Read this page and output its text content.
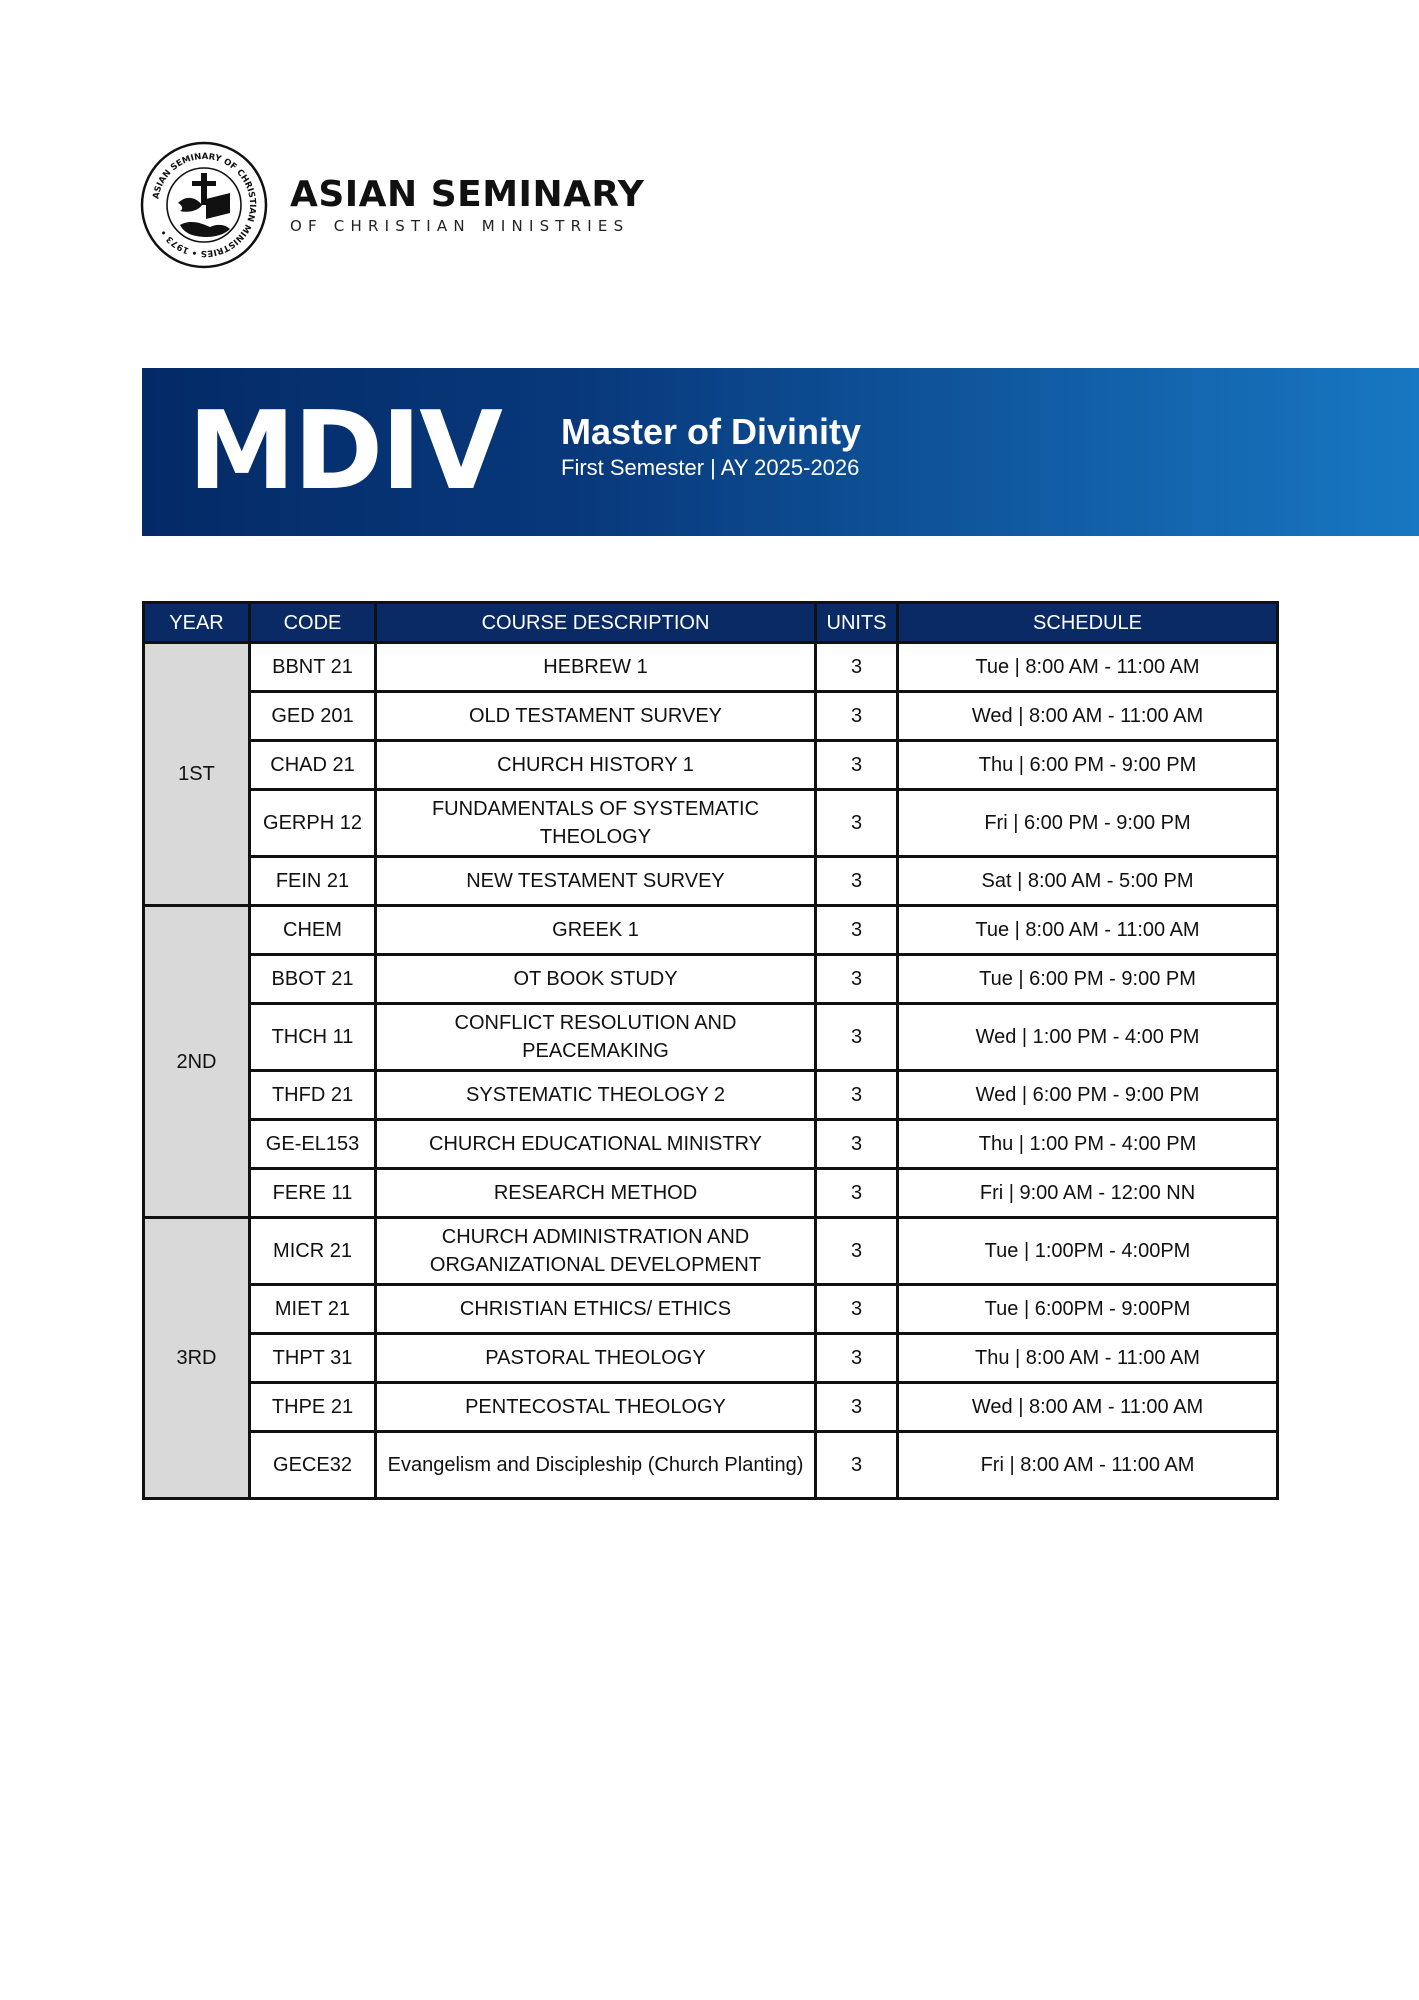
ASIAN SEMINARY OF CHRISTIAN MINISTRIES • 1973 •
ASIAN SEMINARY
OF CHRISTIAN MINISTRIES
MDIV Master of Divinity
First Semester | AY 2025-2026
YEAR	CODE	COURSE DESCRIPTION	UNITS	SCHEDULE
1ST	BBNT 21	HEBREW 1	3	Tue | 8:00 AM - 11:00 AM
	GED 201	OLD TESTAMENT SURVEY	3	Wed | 8:00 AM - 11:00 AM
	CHAD 21	CHURCH HISTORY 1	3	Thu | 6:00 PM - 9:00 PM
	GERPH 12	FUNDAMENTALS OF SYSTEMATIC THEOLOGY	3	Fri | 6:00 PM - 9:00 PM
	FEIN 21	NEW TESTAMENT SURVEY	3	Sat | 8:00 AM - 5:00 PM
2ND	CHEM	GREEK 1	3	Tue | 8:00 AM - 11:00 AM
	BBOT 21	OT BOOK STUDY	3	Tue | 6:00 PM - 9:00 PM
	THCH 11	CONFLICT RESOLUTION AND PEACEMAKING	3	Wed | 1:00 PM - 4:00 PM
	THFD 21	SYSTEMATIC THEOLOGY 2	3	Wed | 6:00 PM - 9:00 PM
	GE-EL153	CHURCH EDUCATIONAL MINISTRY	3	Thu | 1:00 PM - 4:00 PM
	FERE 11	RESEARCH METHOD	3	Fri | 9:00 AM - 12:00 NN
3RD	MICR 21	CHURCH ADMINISTRATION AND ORGANIZATIONAL DEVELOPMENT	3	Tue | 1:00PM - 4:00PM
	MIET 21	CHRISTIAN ETHICS/ ETHICS	3	Tue | 6:00PM - 9:00PM
	THPT 31	PASTORAL THEOLOGY	3	Thu | 8:00 AM - 11:00 AM
	THPE 21	PENTECOSTAL THEOLOGY	3	Wed | 8:00 AM - 11:00 AM
	GECE32	Evangelism and Discipleship (Church Planting)	3	Fri | 8:00 AM - 11:00 AM
